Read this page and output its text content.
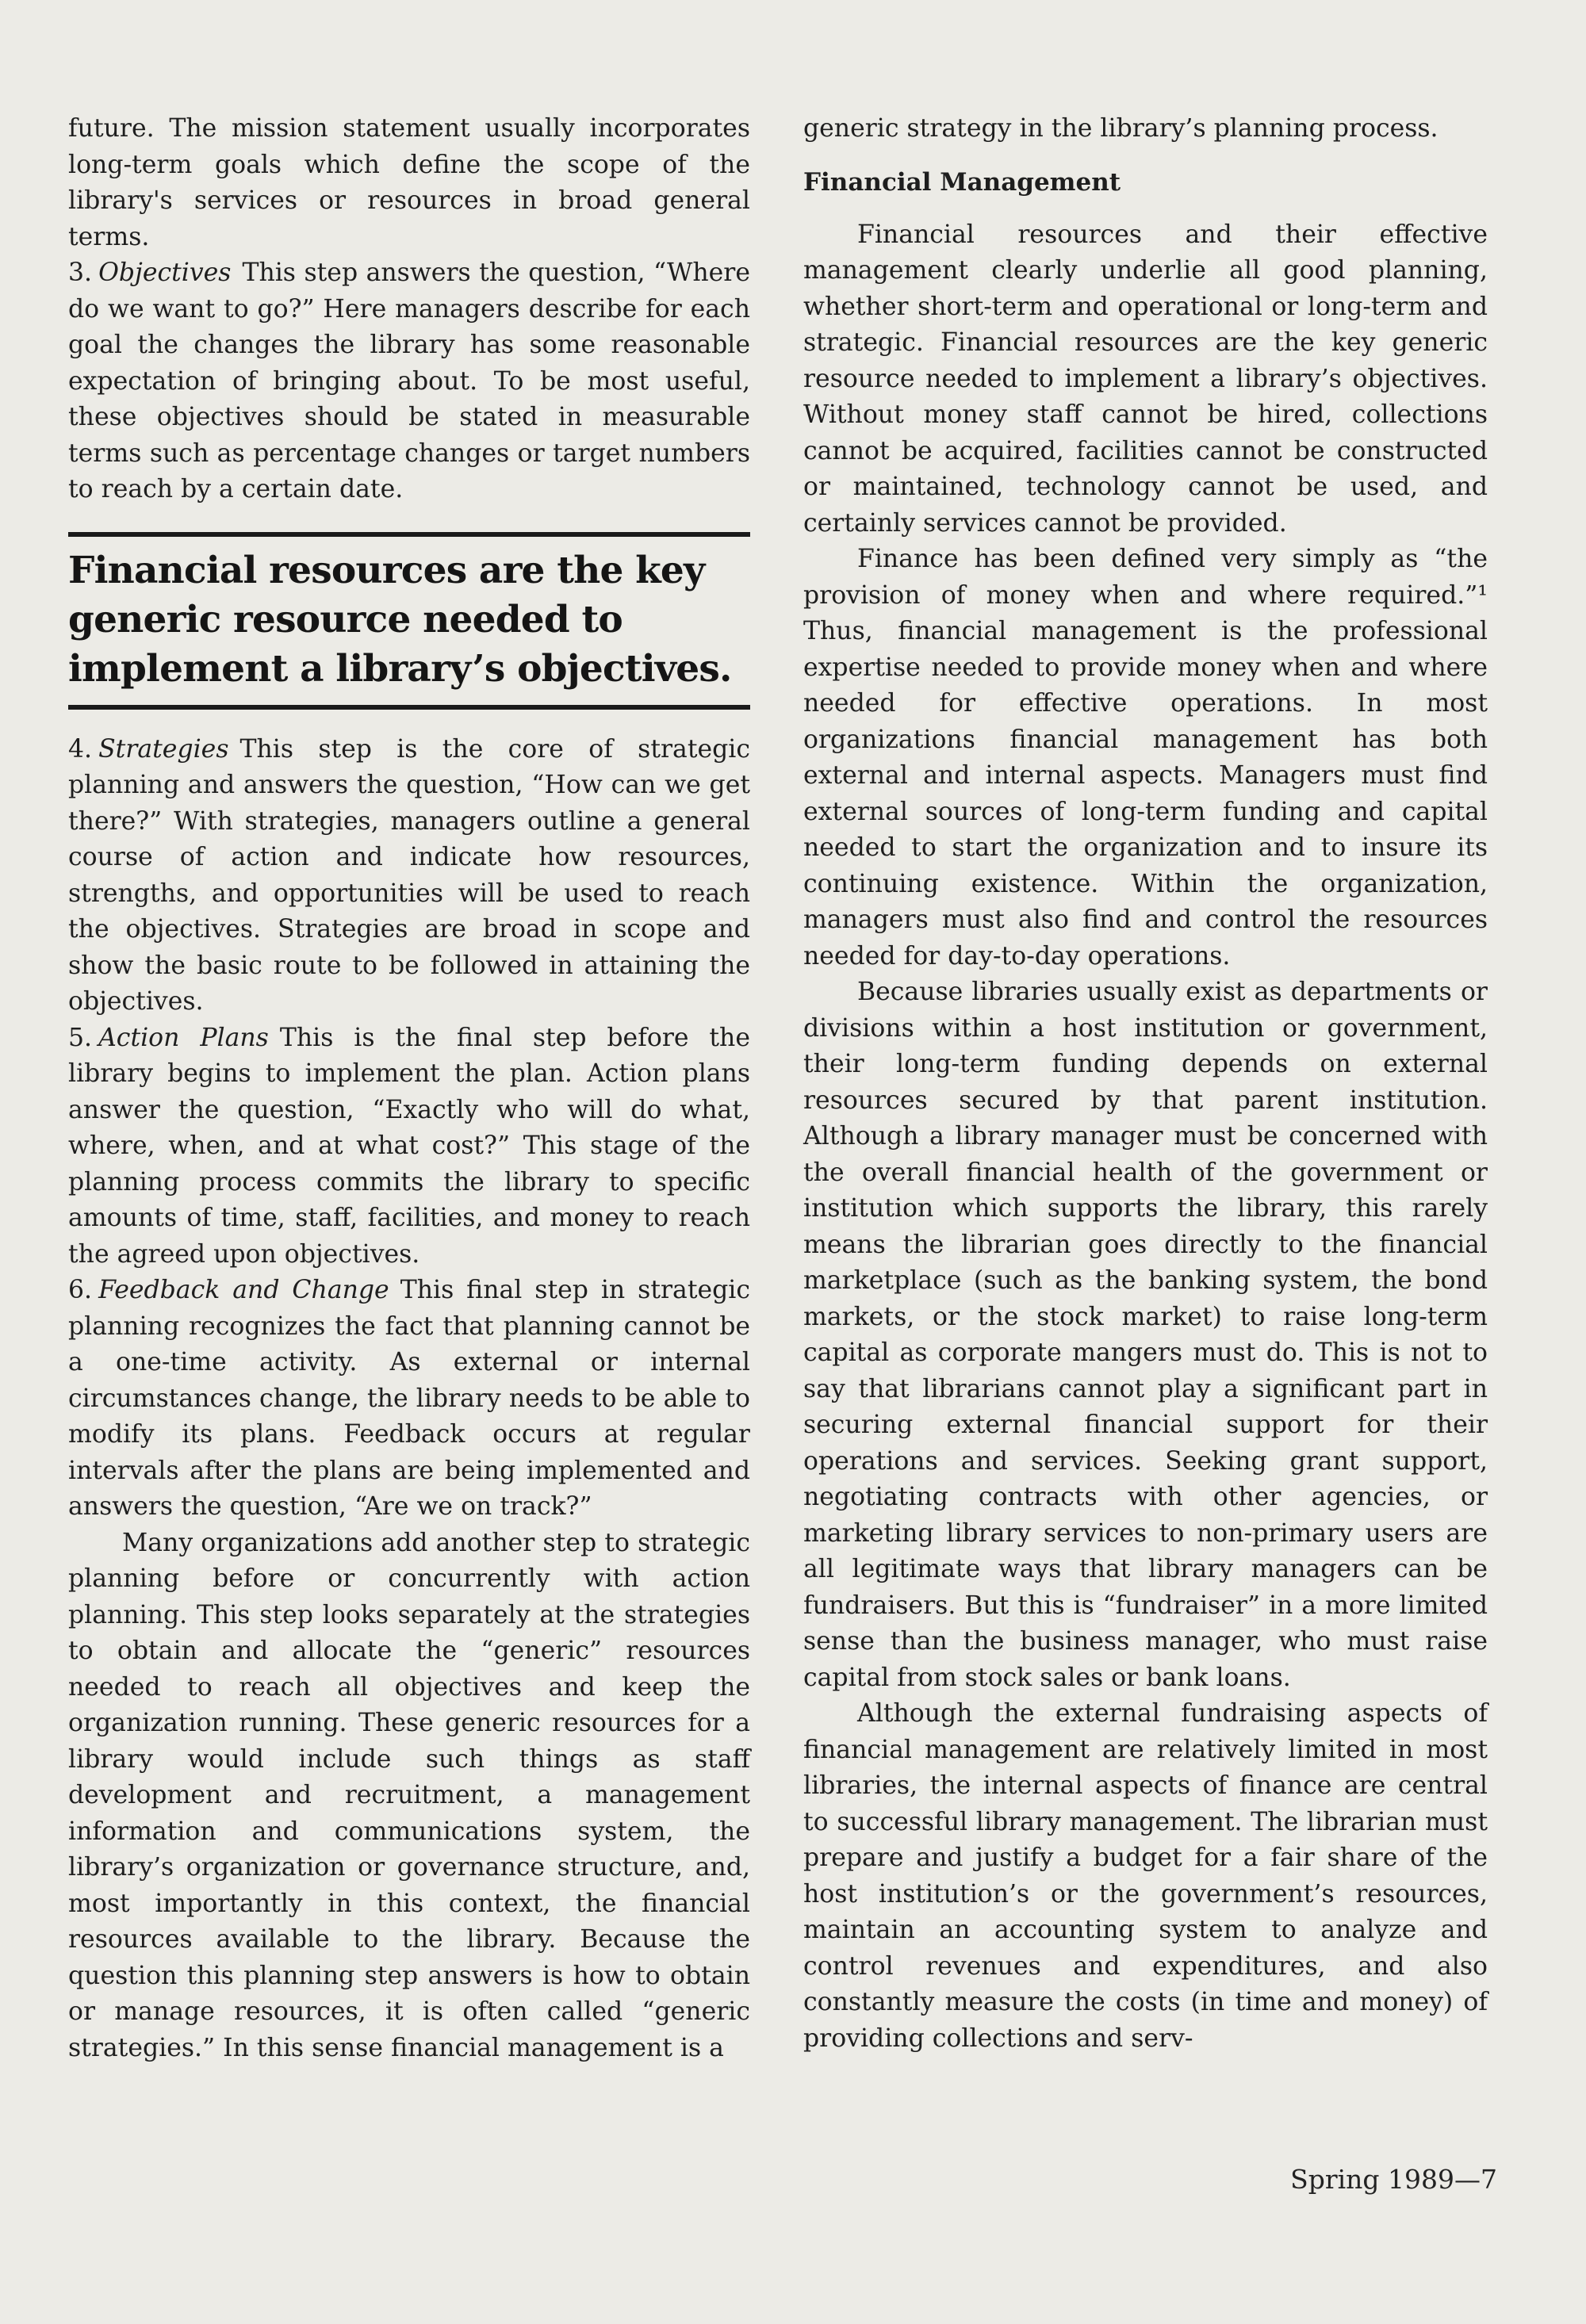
future. The mission statement usually incorporates long-term goals which define the scope of the library's services or resources in broad general terms.

3. Objectives This step answers the question, “Where do we want to go?” Here managers describe for each goal the changes the library has some reasonable expectation of bringing about. To be most useful, these objectives should be stated in measurable terms such as percentage changes or target numbers to reach by a certain date.

Financial resources are the key generic resource needed to implement a library’s objectives.

4. Strategies This step is the core of strategic planning and answers the question, “How can we get there?” With strategies, managers outline a general course of action and indicate how resources, strengths, and opportunities will be used to reach the objectives. Strategies are broad in scope and show the basic route to be followed in attaining the objectives.

5. Action Plans This is the final step before the library begins to implement the plan. Action plans answer the question, “Exactly who will do what, where, when, and at what cost?” This stage of the planning process commits the library to specific amounts of time, staff, facilities, and money to reach the agreed upon objectives.

6. Feedback and Change This final step in strategic planning recognizes the fact that planning cannot be a one-time activity. As external or internal circumstances change, the library needs to be able to modify its plans. Feedback occurs at regular intervals after the plans are being implemented and answers the question, “Are we on track?”

Many organizations add another step to strategic planning before or concurrently with action planning. This step looks separately at the strategies to obtain and allocate the “generic” resources needed to reach all objectives and keep the organization running. These generic resources for a library would include such things as staff development and recruitment, a management information and communications system, the library’s organization or governance structure, and, most importantly in this context, the financial resources available to the library. Because the question this planning step answers is how to obtain or manage resources, it is often called “generic strategies.” In this sense financial management is a

generic strategy in the library’s planning process.

Financial Management

Financial resources and their effective management clearly underlie all good planning, whether short-term and operational or long-term and strategic. Financial resources are the key generic resource needed to implement a library’s objectives. Without money staff cannot be hired, collections cannot be acquired, facilities cannot be constructed or maintained, technology cannot be used, and certainly services cannot be provided.

Finance has been defined very simply as “the provision of money when and where required.”¹ Thus, financial management is the professional expertise needed to provide money when and where needed for effective operations. In most organizations financial management has both external and internal aspects. Managers must find external sources of long-term funding and capital needed to start the organization and to insure its continuing existence. Within the organization, managers must also find and control the resources needed for day-to-day operations.

Because libraries usually exist as departments or divisions within a host institution or government, their long-term funding depends on external resources secured by that parent institution. Although a library manager must be concerned with the overall financial health of the government or institution which supports the library, this rarely means the librarian goes directly to the financial marketplace (such as the banking system, the bond markets, or the stock market) to raise long-term capital as corporate mangers must do. This is not to say that librarians cannot play a significant part in securing external financial support for their operations and services. Seeking grant support, negotiating contracts with other agencies, or marketing library services to non-primary users are all legitimate ways that library managers can be fundraisers. But this is “fundraiser” in a more limited sense than the business manager, who must raise capital from stock sales or bank loans.

Although the external fundraising aspects of financial management are relatively limited in most libraries, the internal aspects of finance are central to successful library management. The librarian must prepare and justify a budget for a fair share of the host institution’s or the government’s resources, maintain an accounting system to analyze and control revenues and expenditures, and also constantly measure the costs (in time and money) of providing collections and serv-

Spring 1989—7
